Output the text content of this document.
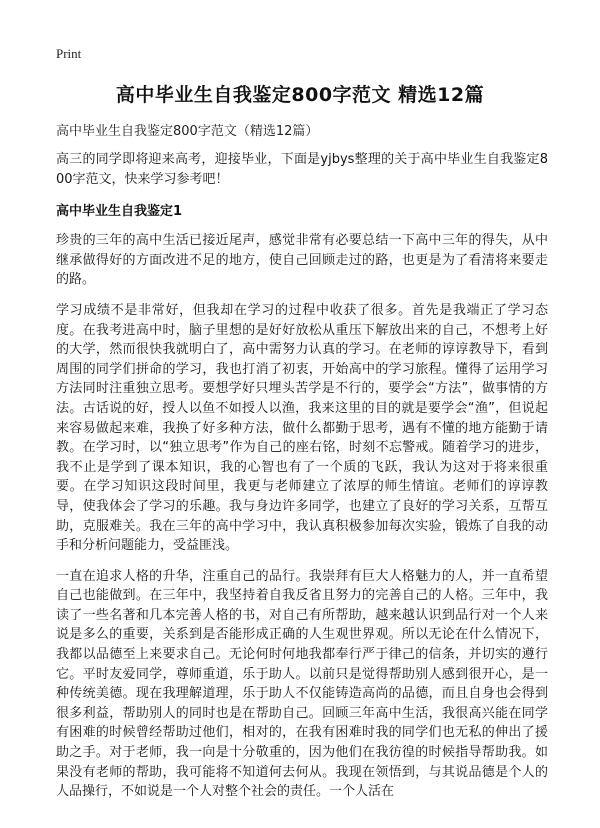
Print
高中毕业生自我鉴定800字范文 精选12篇

高中毕业生自我鉴定800字范文（精选12篇）

高三的同学即将迎来高考，迎接毕业，下面是yjbys整理的关于高中毕业生自我鉴定800字范文，快来学习参考吧！

高中毕业生自我鉴定1

珍贵的三年的高中生活已接近尾声，感觉非常有必要总结一下高中三年的得失，从中继承做得好的方面改进不足的地方，使自己回顾走过的路，也更是为了看清将来要走的路。

学习成绩不是非常好，但我却在学习的过程中收获了很多。首先是我端正了学习态度。在我考进高中时，脑子里想的是好好放松从重压下解放出来的自己，不想考上好的大学，然而很快我就明白了，高中需努力认真的学习。在老师的谆谆教导下，看到周围的同学们拼命的学习，我也打消了初衷，开始高中的学习旅程。懂得了运用学习方法同时注重独立思考。要想学好只埋头苦学是不行的，要学会“方法”，做事情的方法。古话说的好，授人以鱼不如授人以渔，我来这里的目的就是要学会“渔”，但说起来容易做起来难，我换了好多种方法，做什么都勤于思考，遇有不懂的地方能勤于请教。在学习时，以“独立思考”作为自己的座右铭，时刻不忘警戒。随着学习的进步，我不止是学到了课本知识，我的心智也有了一个质的飞跃，我认为这对于将来很重要。在学习知识这段时间里，我更与老师建立了浓厚的师生情谊。老师们的谆谆教导，使我体会了学习的乐趣。我与身边许多同学，也建立了良好的学习关系，互帮互助，克服难关。我在三年的高中学习中，我认真积极参加每次实验，锻炼了自我的动手和分析问题能力，受益匪浅。

一直在追求人格的升华，注重自己的品行。我崇拜有巨大人格魅力的人，并一直希望自己也能做到。在三年中，我坚持着自我反省且努力的完善自己的人格。三年中，我读了一些名著和几本完善人格的书，对自己有所帮助，越来越认识到品行对一个人来说是多么的重要，关系到是否能形成正确的人生观世界观。所以无论在什么情况下，我都以品德至上来要求自己。无论何时何地我都奉行严于律己的信条，并切实的遵行它。平时友爱同学，尊师重道，乐于助人。以前只是觉得帮助别人感到很开心，是一种传统美德。现在我理解道理，乐于助人不仅能铸造高尚的品德，而且自身也会得到很多利益，帮助别人的同时也是在帮助自己。回顾三年高中生活，我很高兴能在同学有困难的时候曾经帮助过他们，相对的，在我有困难时我的同学们也无私的伸出了援助之手。对于老师，我一向是十分敬重的，因为他们在我彷徨的时候指导帮助我。如果没有老师的帮助，我可能将不知道何去何从。我现在领悟到，与其说品德是个人的人品操行，不如说是一个人对整个社会的责任。一个人活在
